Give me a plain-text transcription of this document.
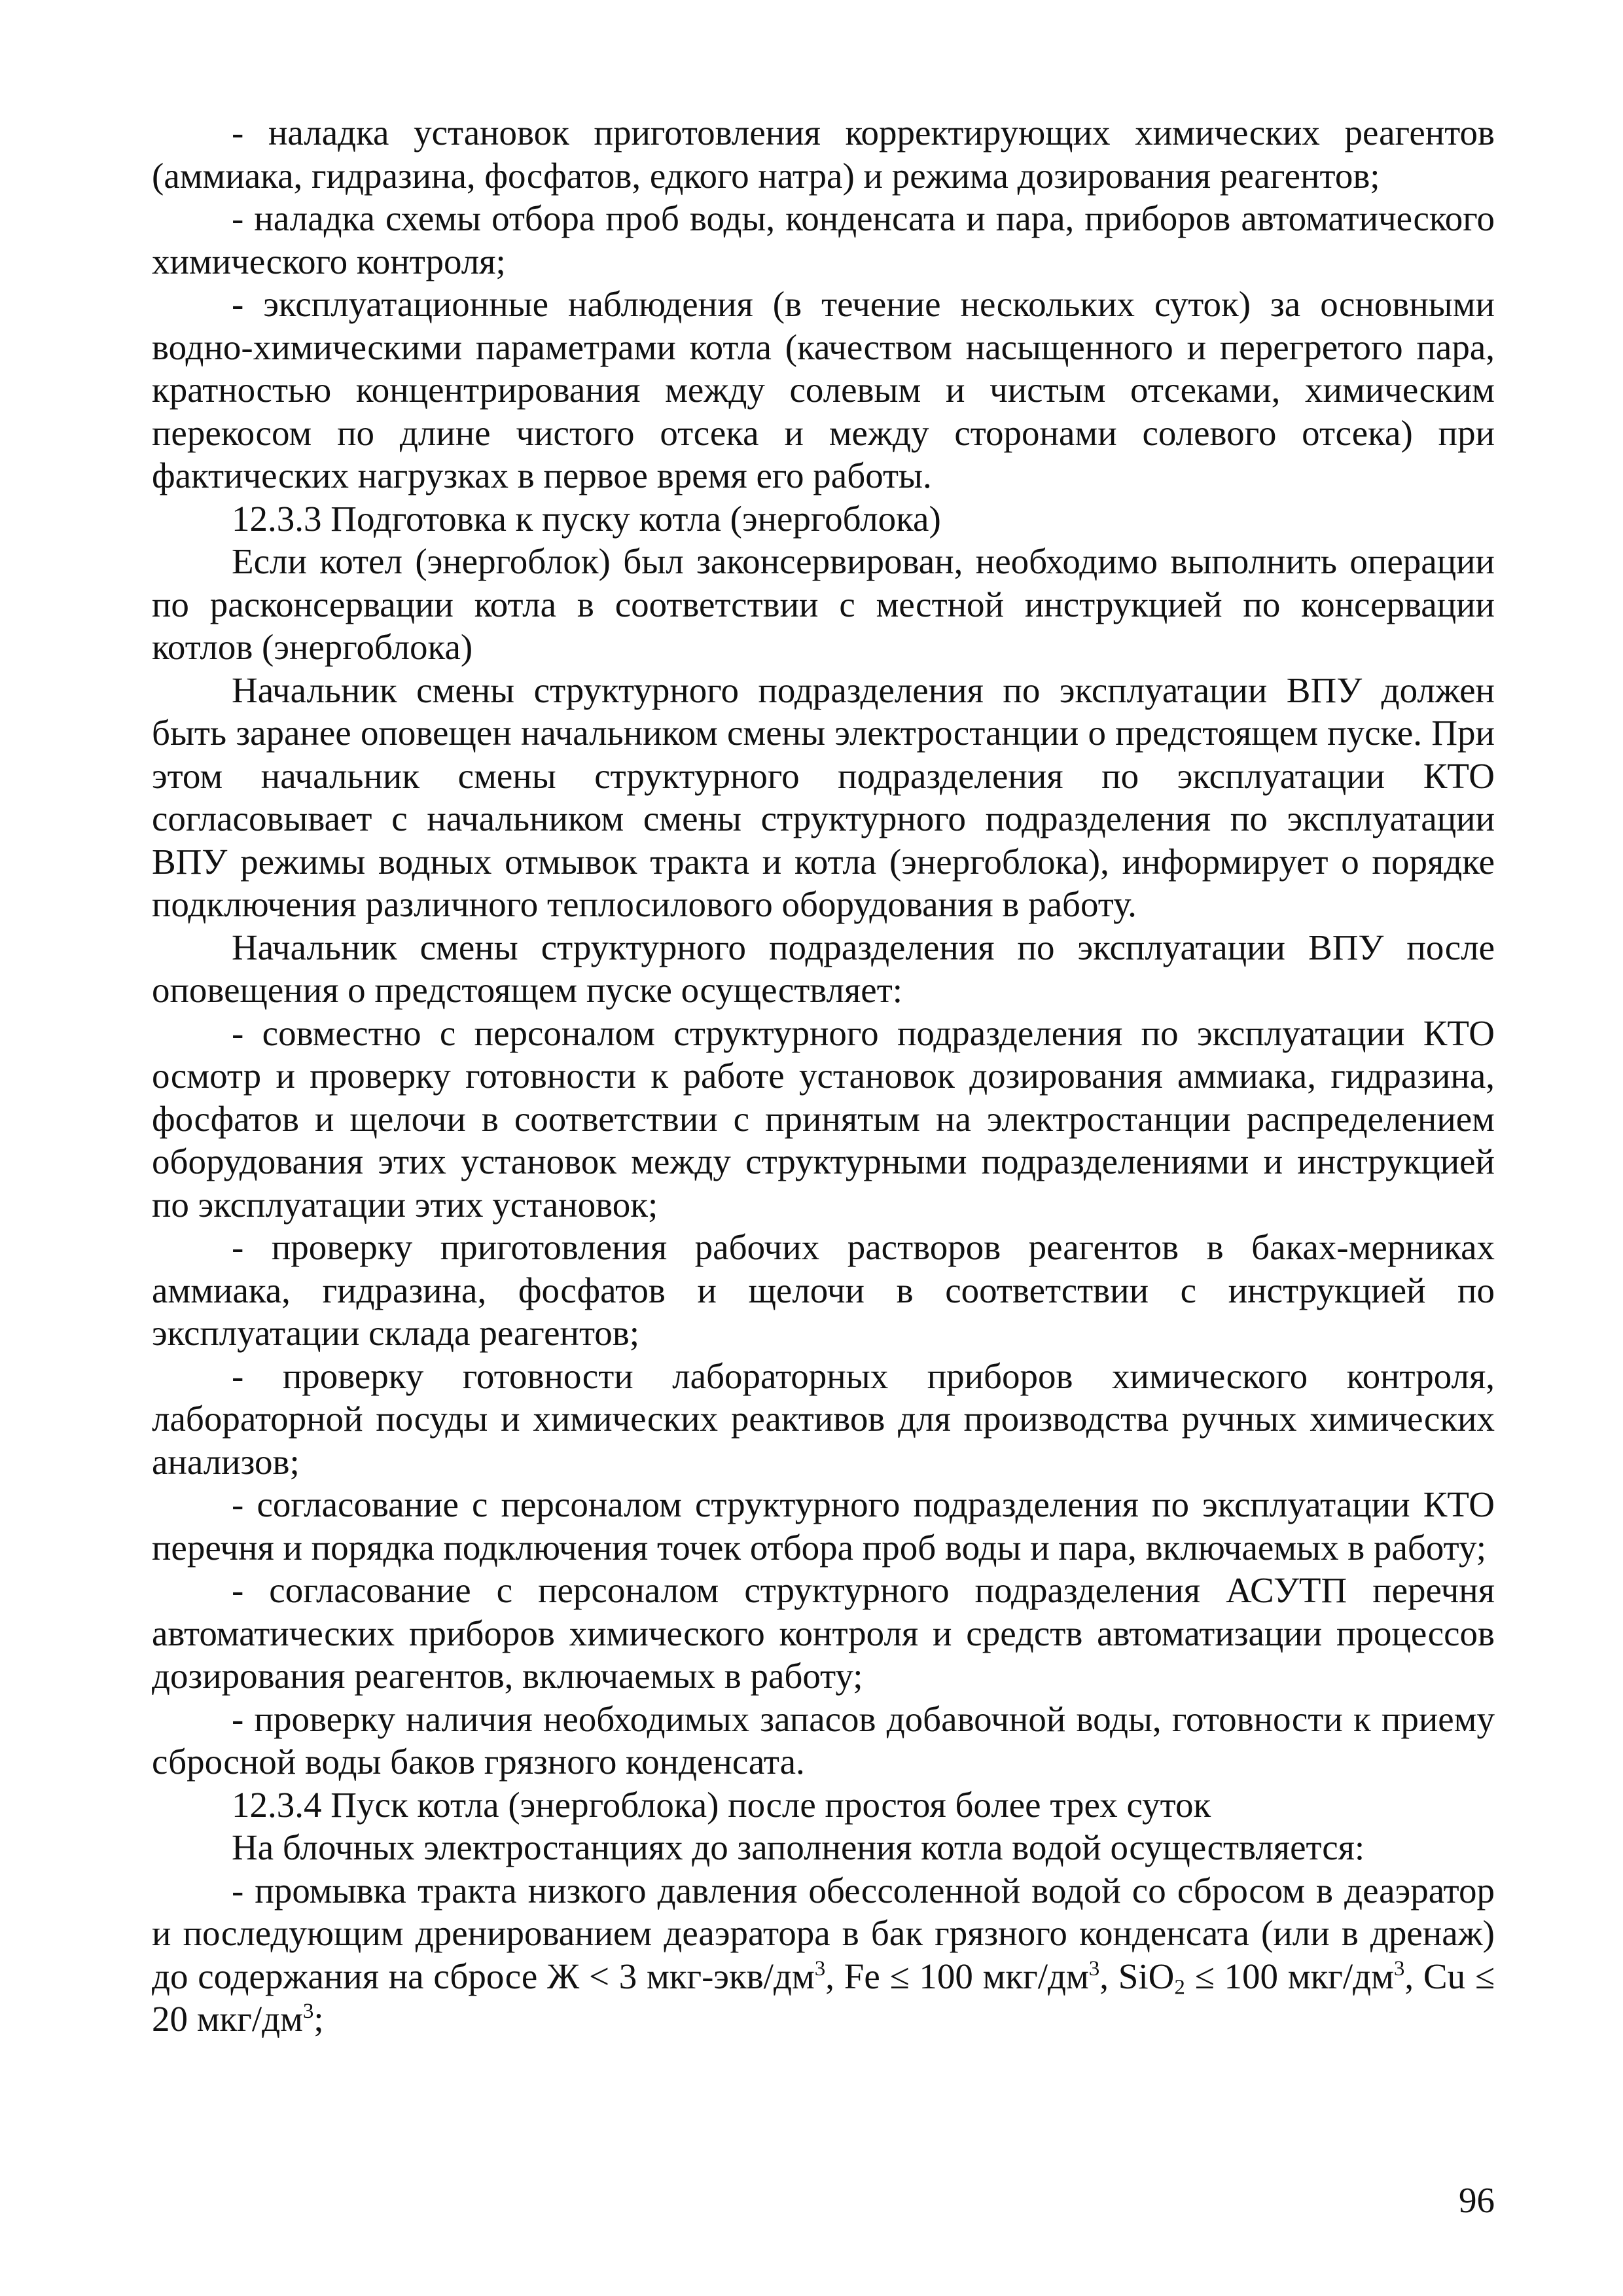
- наладка установок приготовления корректирующих химических реагентов (аммиака, гидразина, фосфатов, едкого натра) и режима дозирования реагентов;

- наладка схемы отбора проб воды, конденсата и пара, приборов автоматического химического контроля;

- эксплуатационные наблюдения (в течение нескольких суток) за основными водно-химическими параметрами котла (качеством насыщенного и перегретого пара, кратностью концентрирования между солевым и чистым отсеками, химическим перекосом по длине чистого отсека и между сторонами солевого отсека) при фактических нагрузках в первое время его работы.

12.3.3 Подготовка к пуску котла (энергоблока)

Если котел (энергоблок) был законсервирован, необходимо выполнить операции по расконсервации котла в соответствии с местной инструкцией по консервации котлов (энергоблока)

Начальник смены структурного подразделения по эксплуатации ВПУ должен быть заранее оповещен начальником смены электростанции о предстоящем пуске. При этом начальник смены структурного подразделения по эксплуатации КТО согласовывает с начальником смены структурного подразделения по эксплуатации ВПУ режимы водных отмывок тракта и котла (энергоблока), информирует о порядке подключения различного теплосилового оборудования в работу.

Начальник смены структурного подразделения по эксплуатации ВПУ после оповещения о предстоящем пуске осуществляет:

- совместно с персоналом структурного подразделения по эксплуатации КТО осмотр и проверку готовности к работе установок дозирования аммиака, гидразина, фосфатов и щелочи в соответствии с принятым на электростанции распределением оборудования этих установок между структурными подразделениями и инструкцией по эксплуатации этих установок;

- проверку приготовления рабочих растворов реагентов в баках-мерниках аммиака, гидразина, фосфатов и щелочи в соответствии с инструкцией по эксплуатации склада реагентов;

- проверку готовности лабораторных приборов химического контроля, лабораторной посуды и химических реактивов для производства ручных химических анализов;

- согласование с персоналом структурного подразделения по эксплуатации КТО перечня и порядка подключения точек отбора проб воды и пара, включаемых в работу;

- согласование с персоналом структурного подразделения АСУТП перечня автоматических приборов химического контроля и средств автоматизации процессов дозирования реагентов, включаемых в работу;

- проверку наличия необходимых запасов добавочной воды, готовности к приему сбросной воды баков грязного конденсата.

12.3.4 Пуск котла (энергоблока) после простоя более трех суток

На блочных электростанциях до заполнения котла водой осуществляется:

- промывка тракта низкого давления обессоленной водой со сбросом в деаэратор и последующим дренированием деаэратора в бак грязного конденсата (или в дренаж) до содержания на сбросе Ж < 3 мкг-$экв/дм^3$, Fe ≤ 100 мкг/$дм^3$, SiO$_2$ ≤ 100 мкг/$дм^3$, Cu ≤ 20 мкг/$дм^3$;

96
